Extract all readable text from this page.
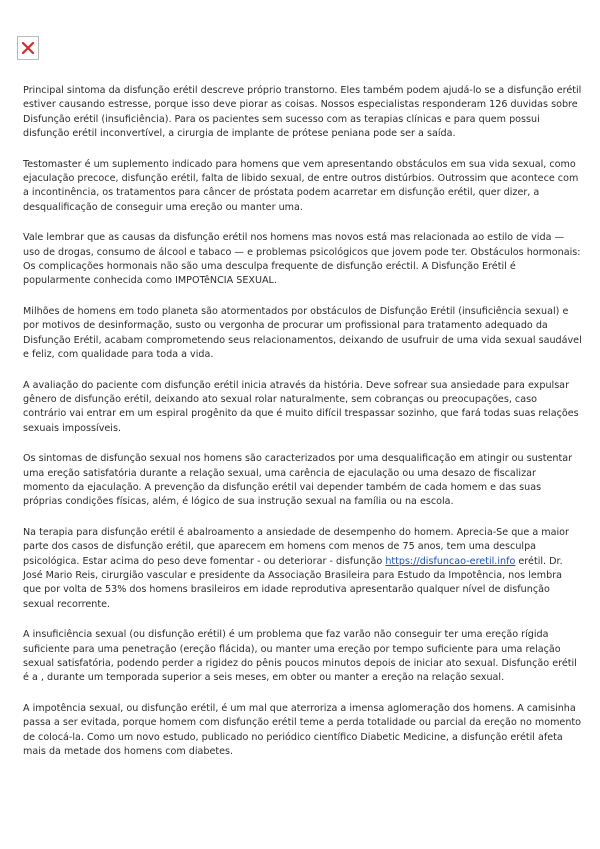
Principal sintoma da disfunção erétil descreve próprio transtorno. Eles também podem ajudá-lo se a disfunção erétil estiver causando estresse, porque isso deve piorar as coisas. Nossos especialistas responderam 126 duvidas sobre Disfunção erétil (insuficiência). Para os pacientes sem sucesso com as terapias clínicas e para quem possui disfunção erétil inconvertível, a cirurgia de implante de prótese peniana pode ser a saída.

Testomaster é um suplemento indicado para homens que vem apresentando obstáculos em sua vida sexual, como ejaculação precoce, disfunção erétil, falta de libido sexual, de entre outros distúrbios. Outrossim que acontece com a incontinência, os tratamentos para câncer de próstata podem acarretar em disfunção erétil, quer dizer, a desqualificação de conseguir uma ereção ou manter uma.

Vale lembrar que as causas da disfunção erétil nos homens mas novos está mas relacionada ao estilo de vida — uso de drogas, consumo de álcool e tabaco — e problemas psicológicos que jovem pode ter. Obstáculos hormonais: Os complicações hormonais não são uma desculpa frequente de disfunção eréctil. A Disfunção Erétil é popularmente conhecida como IMPOTêNCIA SEXUAL.

Milhões de homens em todo planeta são atormentados por obstáculos de Disfunção Erétil (insuficiência sexual) e por motivos de desinformação, susto ou vergonha de procurar um profissional para tratamento adequado da Disfunção Erétil, acabam comprometendo seus relacionamentos, deixando de usufruir de uma vida sexual saudável e feliz, com qualidade para toda a vida.

A avaliação do paciente com disfunção erétil inicia através da história. Deve sofrear sua ansiedade para expulsar gênero de disfunção erétil, deixando ato sexual rolar naturalmente, sem cobranças ou preocupações, caso contrário vai entrar em um espiral progênito da que é muito difícil trespassar sozinho, que fará todas suas relações sexuais impossíveis.

Os sintomas de disfunção sexual nos homens são caracterizados por uma desqualificação em atingir ou sustentar uma ereção satisfatória durante a relação sexual, uma carência de ejaculação ou uma desazo de fiscalizar momento da ejaculação. A prevenção da disfunção erétil vai depender também de cada homem e das suas próprias condições físicas, além, é lógico de sua instrução sexual na família ou na escola.

Na terapia para disfunção erétil é abalroamento a ansiedade de desempenho do homem. Aprecia-Se que a maior parte dos casos de disfunção erétil, que aparecem em homens com menos de 75 anos, tem uma desculpa psicológica. Estar acima do peso deve fomentar - ou deteriorar - disfunção https://disfuncao-eretil.info erétil. Dr. José Mario Reis, cirurgião vascular e presidente da Associação Brasileira para Estudo da Impotência, nos lembra que por volta de 53% dos homens brasileiros em idade reprodutiva apresentarão qualquer nível de disfunção sexual recorrente.

A insuficiência sexual (ou disfunção erétil) é um problema que faz varão não conseguir ter uma ereção rígida suficiente para uma penetração (ereção flácida), ou manter uma ereção por tempo suficiente para uma relação sexual satisfatória, podendo perder a rigidez do pênis poucos minutos depois de iniciar ato sexual. Disfunção erétil é a , durante um temporada superior a seis meses, em obter ou manter a ereção na relação sexual.

A impotência sexual, ou disfunção erétil, é um mal que aterroriza a imensa aglomeração dos homens. A camisinha passa a ser evitada, porque homem com disfunção erétil teme a perda totalidade ou parcial da ereção no momento de colocá-la. Como um novo estudo, publicado no periódico científico Diabetic Medicine, a disfunção erétil afeta mais da metade dos homens com diabetes.
